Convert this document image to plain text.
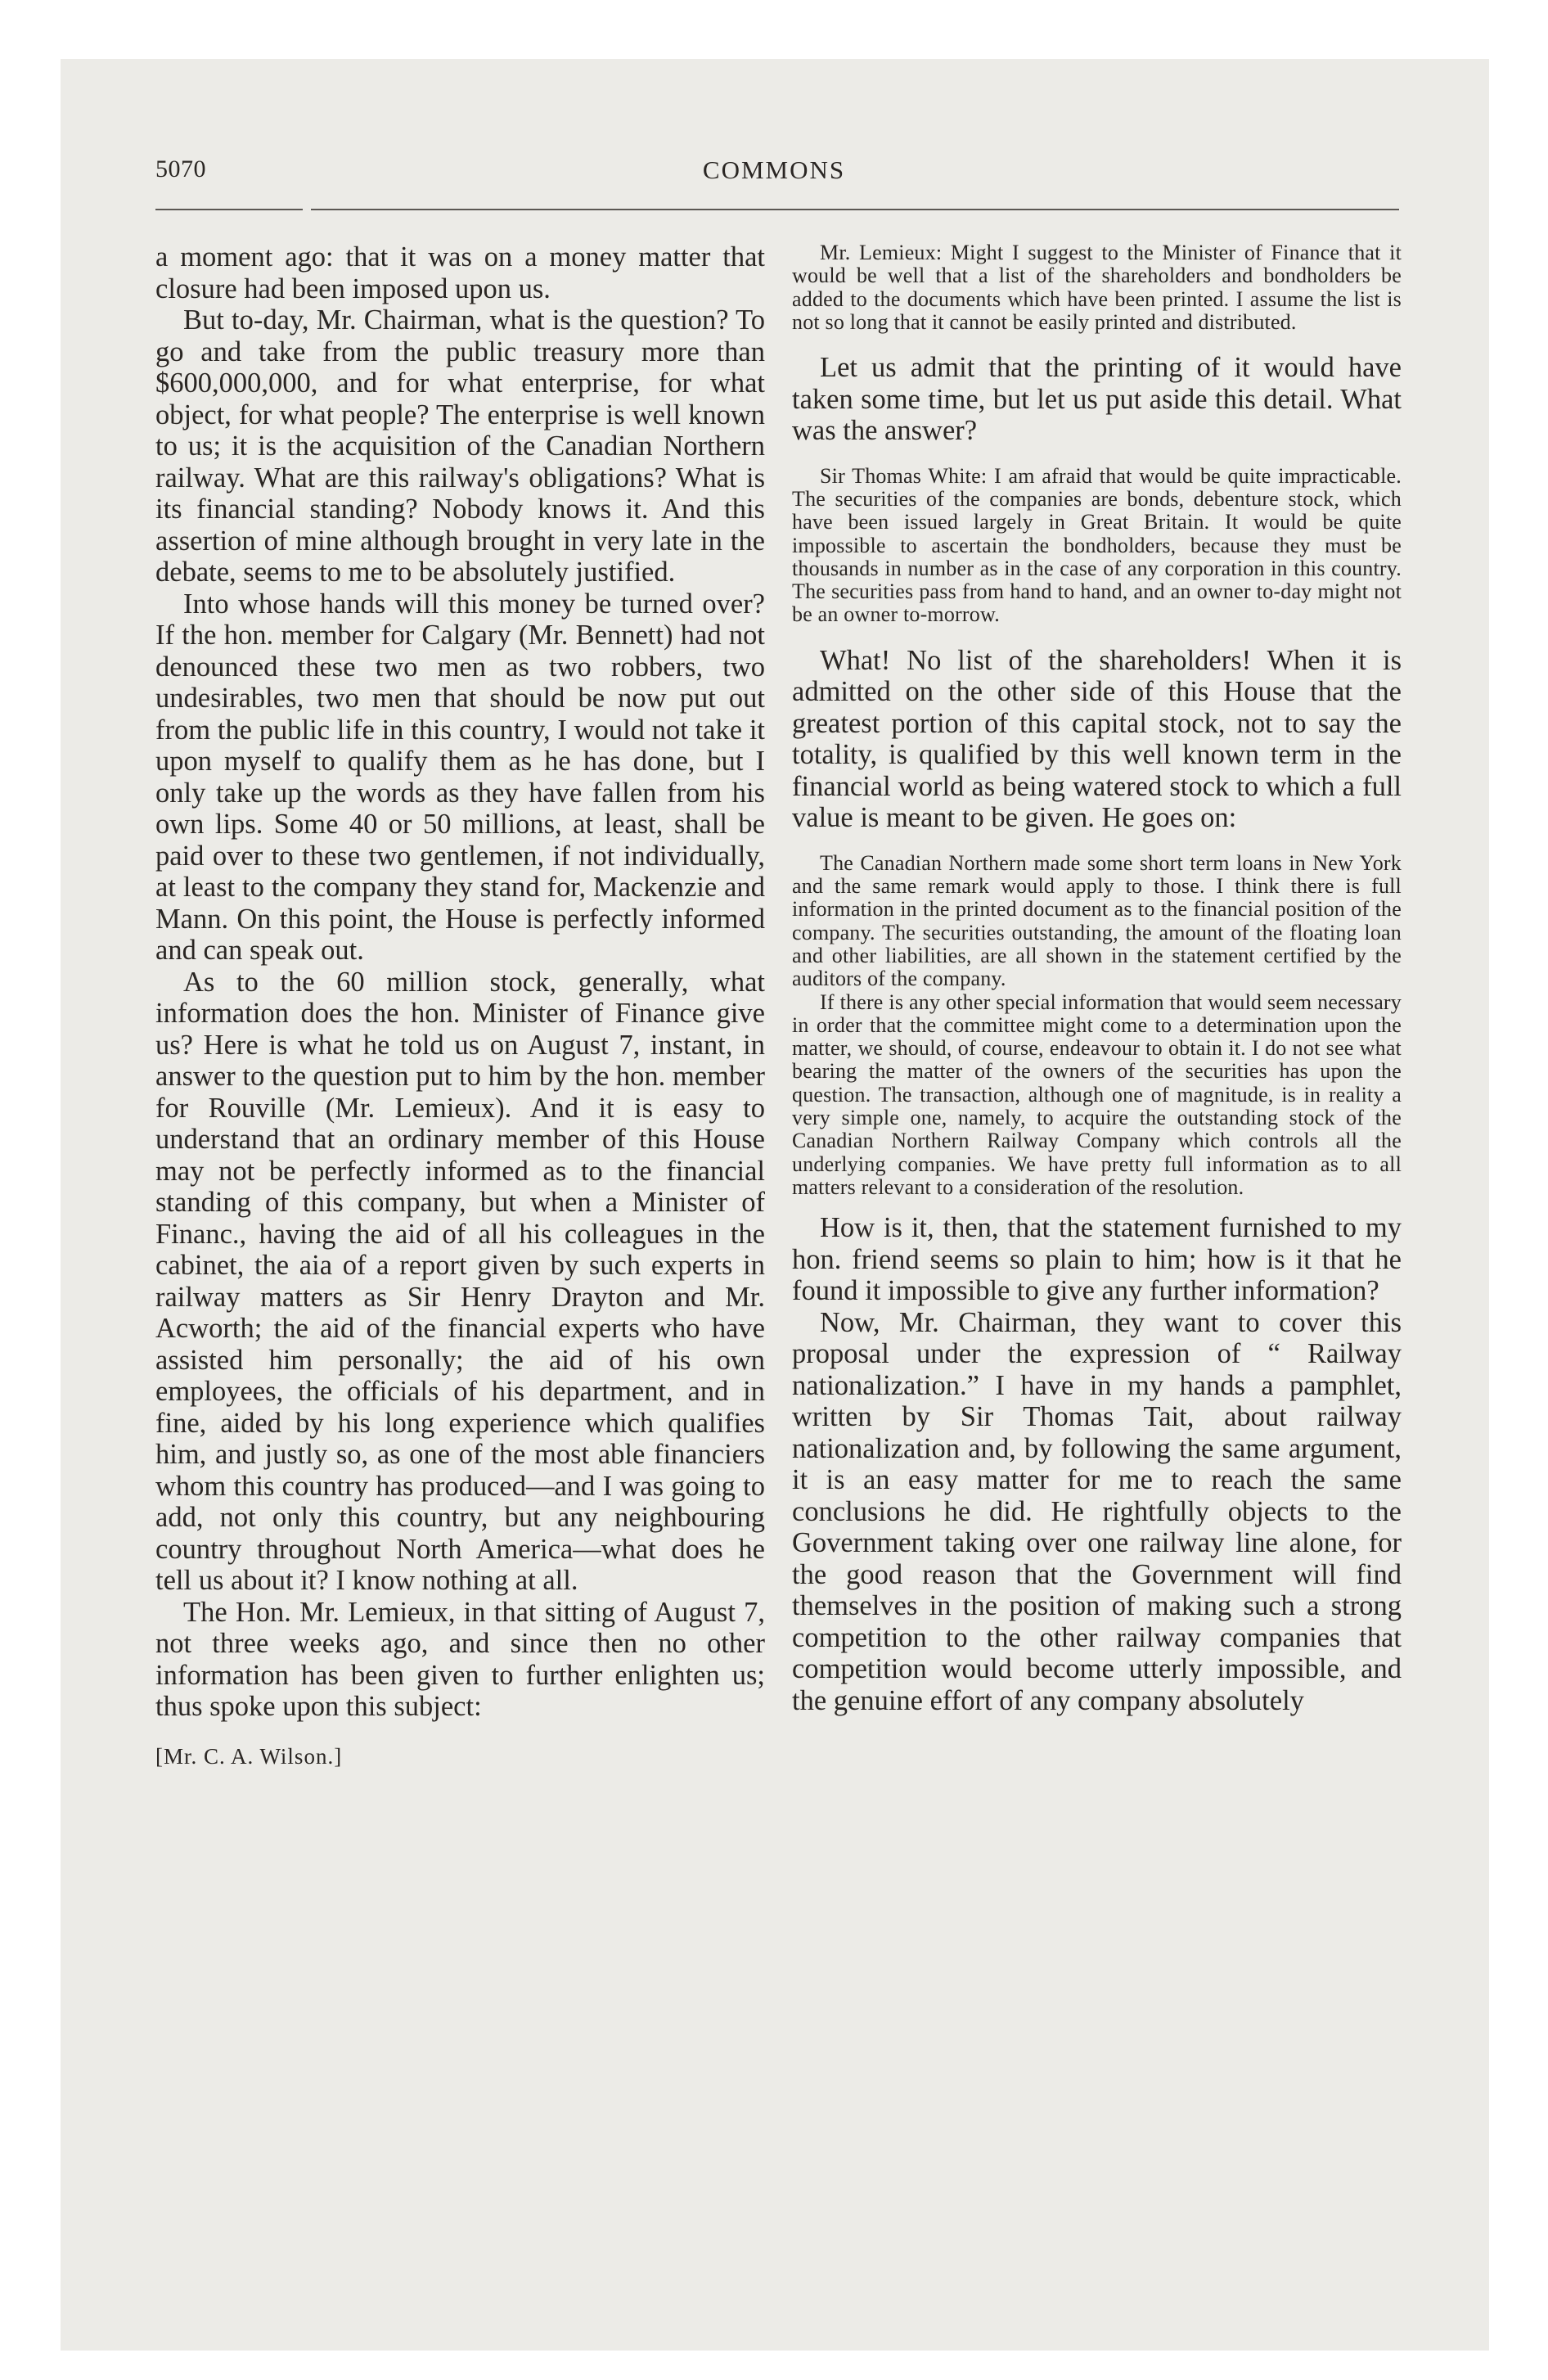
5070	COMMONS

a moment ago: that it was on a money matter that closure had been imposed upon us.

But to-day, Mr. Chairman, what is the question? To go and take from the public treasury more than $600,000,000, and for what enterprise, for what object, for what people? The enterprise is well known to us; it is the acquisition of the Canadian Northern railway. What are this railway's obligations? What is its financial standing? Nobody knows it. And this assertion of mine although brought in very late in the debate, seems to me to be absolutely justified.

Into whose hands will this money be turned over? If the hon. member for Calgary (Mr. Bennett) had not denounced these two men as two robbers, two undesirables, two men that should be now put out from the public life in this country, I would not take it upon myself to qualify them as he has done, but I only take up the words as they have fallen from his own lips. Some 40 or 50 millions, at least, shall be paid over to these two gentlemen, if not individually, at least to the company they stand for, Mackenzie and Mann. On this point, the House is perfectly informed and can speak out.

As to the 60 million stock, generally, what information does the hon. Minister of Finance give us? Here is what he told us on August 7, instant, in answer to the question put to him by the hon. member for Rouville (Mr. Lemieux). And it is easy to understand that an ordinary member of this House may not be perfectly informed as to the financial standing of this company, but when a Minister of Financ., having the aid of all his colleagues in the cabinet, the aia of a report given by such experts in railway matters as Sir Henry Drayton and Mr. Acworth; the aid of the financial experts who have assisted him personally; the aid of his own employees, the officials of his department, and in fine, aided by his long experience which qualifies him, and justly so, as one of the most able financiers whom this country has produced—and I was going to add, not only this country, but any neighbouring country throughout North America—what does he tell us about it? I know nothing at all.

The Hon. Mr. Lemieux, in that sitting of August 7, not three weeks ago, and since then no other information has been given to further enlighten us; thus spoke upon this subject:

[Mr. C. A. Wilson.]

Mr. Lemieux: Might I suggest to the Minister of Finance that it would be well that a list of the shareholders and bondholders be added to the documents which have been printed. I assume the list is not so long that it cannot be easily printed and distributed.

Let us admit that the printing of it would have taken some time, but let us put aside this detail. What was the answer?

Sir Thomas White: I am afraid that would be quite impracticable. The securities of the companies are bonds, debenture stock, which have been issued largely in Great Britain. It would be quite impossible to ascertain the bondholders, because they must be thousands in number as in the case of any corporation in this country. The securities pass from hand to hand, and an owner to-day might not be an owner to-morrow.

What! No list of the shareholders! When it is admitted on the other side of this House that the greatest portion of this capital stock, not to say the totality, is qualified by this well known term in the financial world as being watered stock to which a full value is meant to be given. He goes on:

The Canadian Northern made some short term loans in New York and the same remark would apply to those. I think there is full information in the printed document as to the financial position of the company. The securities outstanding, the amount of the floating loan and other liabilities, are all shown in the statement certified by the auditors of the company.

If there is any other special information that would seem necessary in order that the committee might come to a determination upon the matter, we should, of course, endeavour to obtain it. I do not see what bearing the matter of the owners of the securities has upon the question. The transaction, although one of magnitude, is in reality a very simple one, namely, to acquire the outstanding stock of the Canadian Northern Railway Company which controls all the underlying companies. We have pretty full information as to all matters relevant to a consideration of the resolution.

How is it, then, that the statement furnished to my hon. friend seems so plain to him; how is it that he found it impossible to give any further information?

Now, Mr. Chairman, they want to cover this proposal under the expression of “ Railway nationalization.” I have in my hands a pamphlet, written by Sir Thomas Tait, about railway nationalization and, by following the same argument, it is an easy matter for me to reach the same conclusions he did. He rightfully objects to the Government taking over one railway line alone, for the good reason that the Government will find themselves in the position of making such a strong competition to the other railway companies that competition would become utterly impossible, and the genuine effort of any company absolutely
